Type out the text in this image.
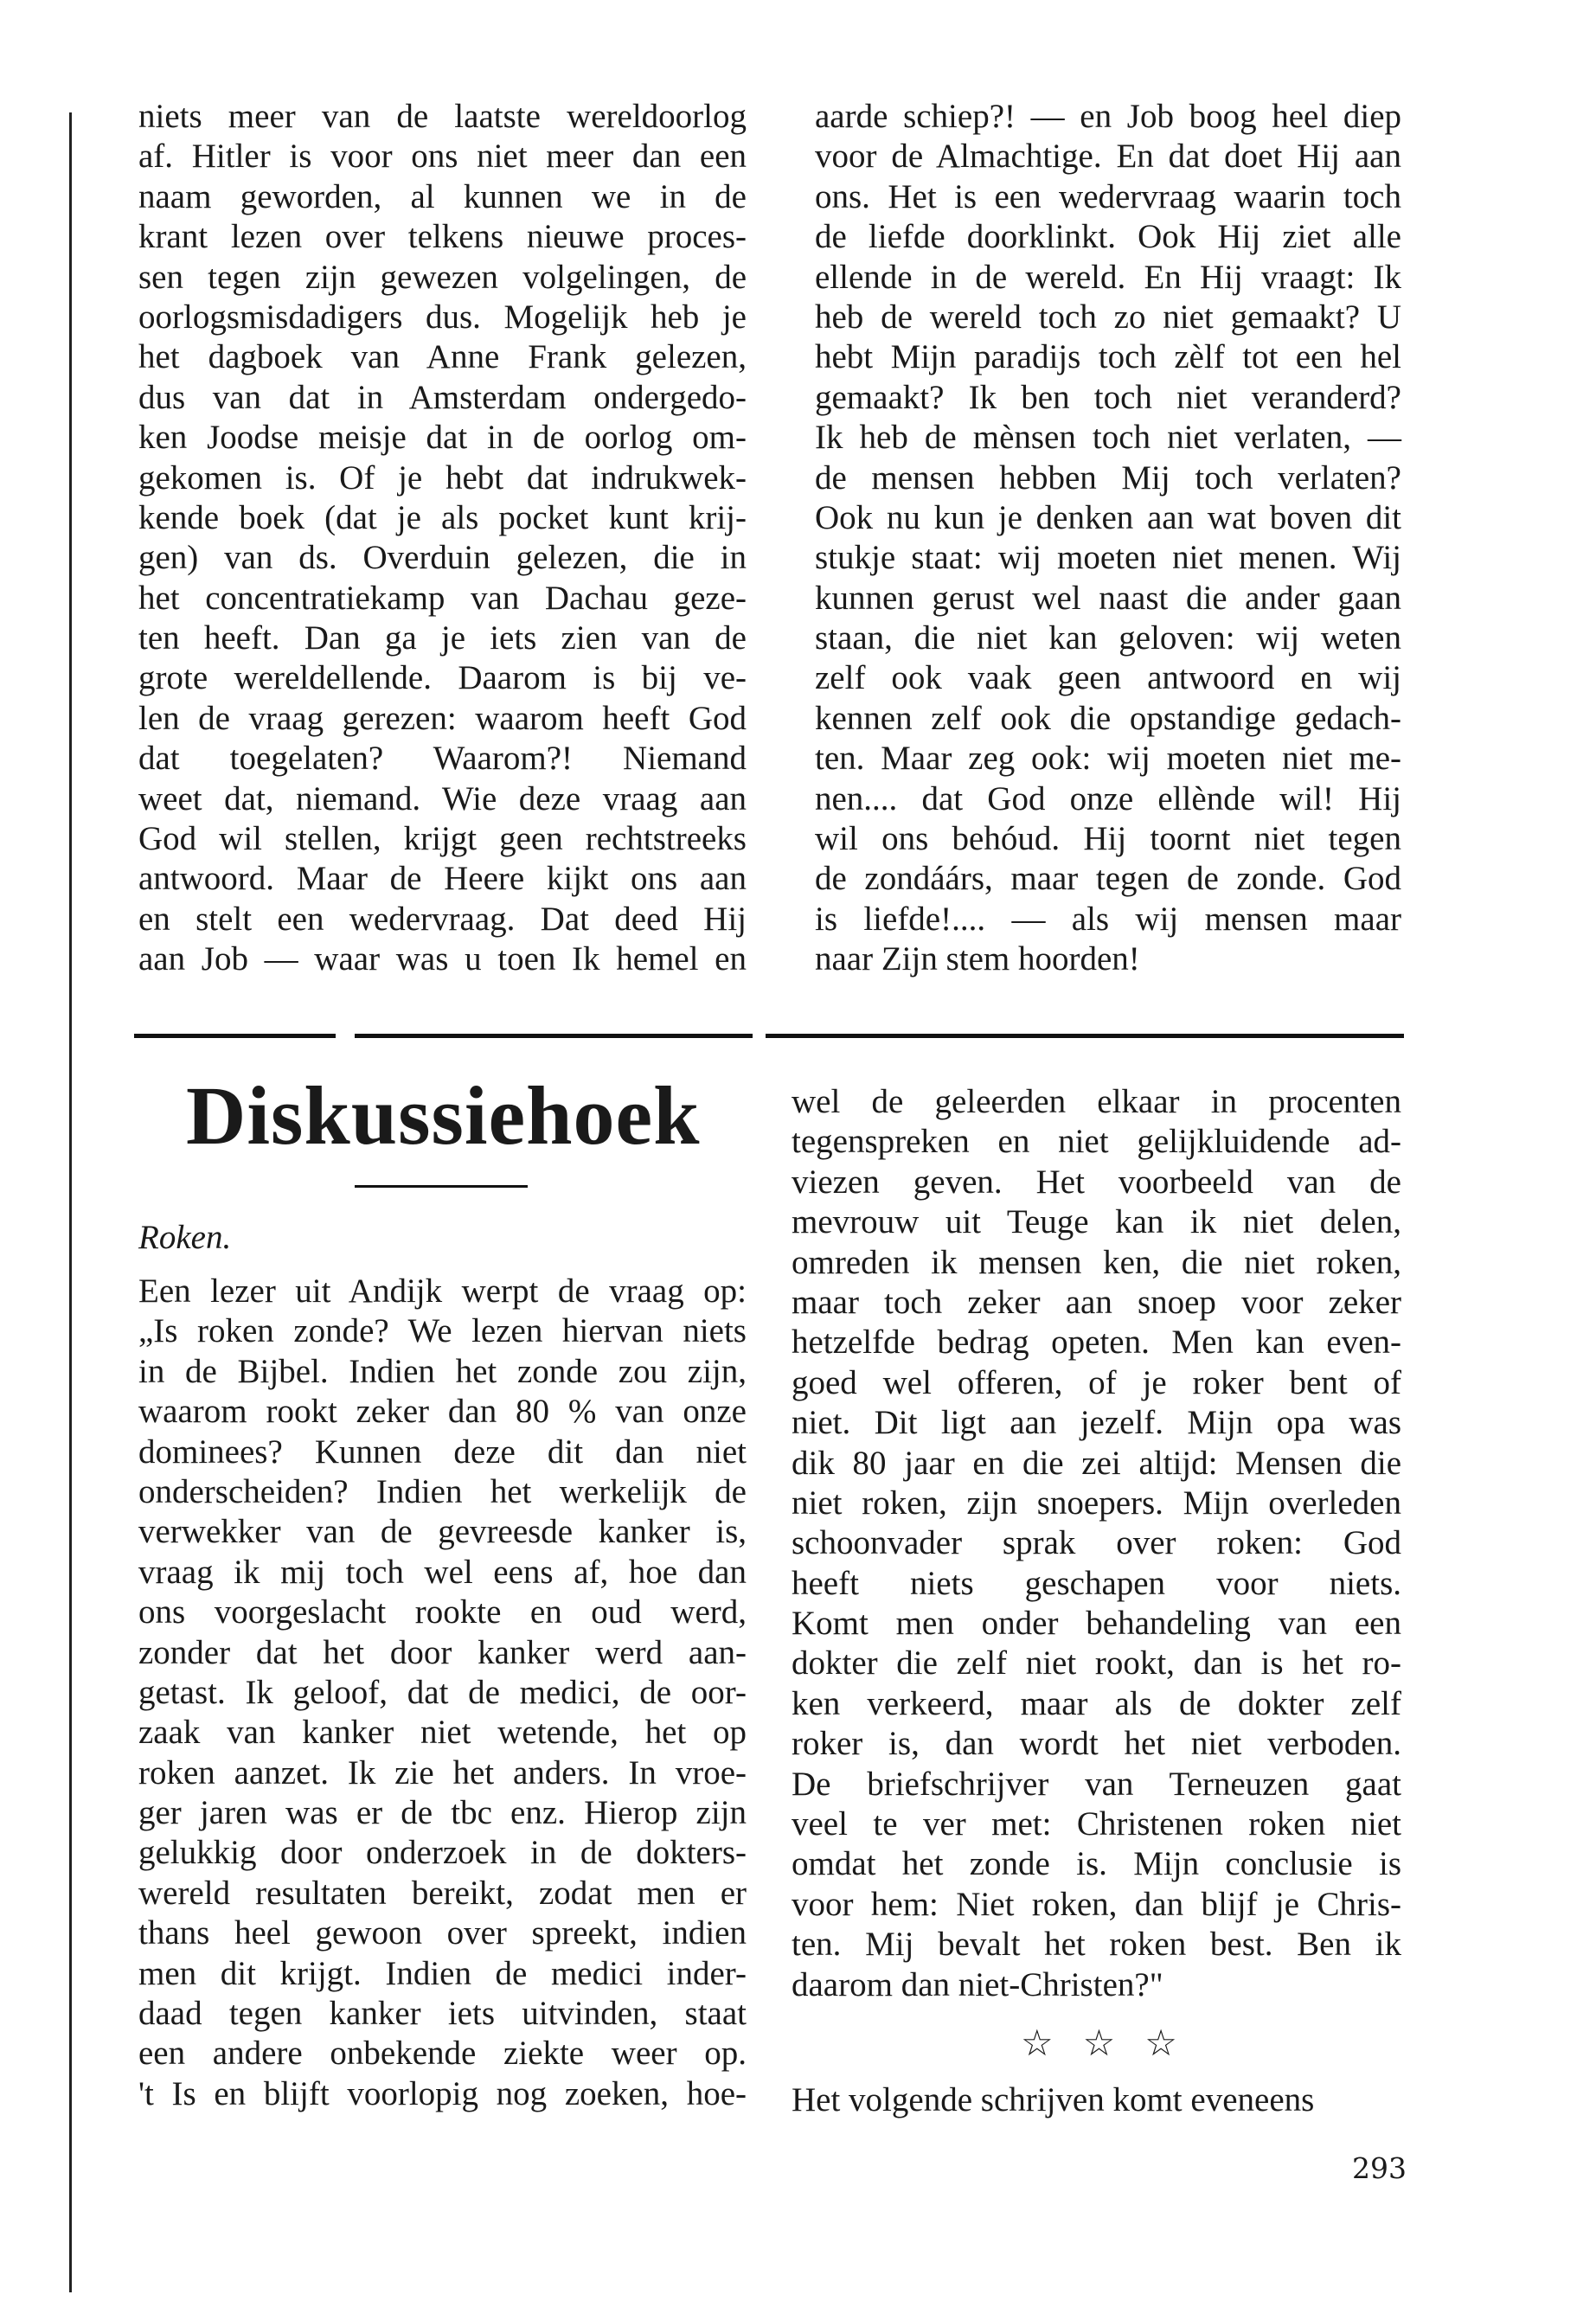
niets meer van de laatste wereldoorlog
af. Hitler is voor ons niet meer dan een
naam geworden, al kunnen we in de
krant lezen over telkens nieuwe proces-
sen tegen zijn gewezen volgelingen, de
oorlogsmisdadigers dus. Mogelijk heb je
het dagboek van Anne Frank gelezen,
dus van dat in Amsterdam ondergedo-
ken Joodse meisje dat in de oorlog om-
gekomen is. Of je hebt dat indrukwek-
kende boek (dat je als pocket kunt krij-
gen) van ds. Overduin gelezen, die in
het concentratiekamp van Dachau geze-
ten heeft. Dan ga je iets zien van de
grote wereldellende. Daarom is bij ve-
len de vraag gerezen: waarom heeft God
dat toegelaten? Waarom?! Niemand
weet dat, niemand. Wie deze vraag aan
God wil stellen, krijgt geen rechtstreeks
antwoord. Maar de Heere kijkt ons aan
en stelt een wedervraag. Dat deed Hij
aan Job — waar was u toen Ik hemel en
aarde schiep?! — en Job boog heel diep
voor de Almachtige. En dat doet Hij aan
ons. Het is een wedervraag waarin toch
de liefde doorklinkt. Ook Hij ziet alle
ellende in de wereld. En Hij vraagt: Ik
heb de wereld toch zo niet gemaakt? U
hebt Mijn paradijs toch zèlf tot een hel
gemaakt? Ik ben toch niet veranderd?
Ik heb de mènsen toch niet verlaten, —
de mensen hebben Mij toch verlaten?
Ook nu kun je denken aan wat boven dit
stukje staat: wij moeten niet menen. Wij
kunnen gerust wel naast die ander gaan
staan, die niet kan geloven: wij weten
zelf ook vaak geen antwoord en wij
kennen zelf ook die opstandige gedach-
ten. Maar zeg ook: wij moeten niet me-
nen.... dat God onze ellènde wil! Hij
wil ons behóud. Hij toornt niet tegen
de zondáárs, maar tegen de zonde. God
is liefde!.... — als wij mensen maar
naar Zijn stem hoorden!
Diskussiehoek
Roken.
Een lezer uit Andijk werpt de vraag op:
„Is roken zonde? We lezen hiervan niets
in de Bijbel. Indien het zonde zou zijn,
waarom rookt zeker dan 80 % van onze
dominees? Kunnen deze dit dan niet
onderscheiden? Indien het werkelijk de
verwekker van de gevreesde kanker is,
vraag ik mij toch wel eens af, hoe dan
ons voorgeslacht rookte en oud werd,
zonder dat het door kanker werd aan-
getast. Ik geloof, dat de medici, de oor-
zaak van kanker niet wetende, het op
roken aanzet. Ik zie het anders. In vroe-
ger jaren was er de tbc enz. Hierop zijn
gelukkig door onderzoek in de dokters-
wereld resultaten bereikt, zodat men er
thans heel gewoon over spreekt, indien
men dit krijgt. Indien de medici inder-
daad tegen kanker iets uitvinden, staat
een andere onbekende ziekte weer op.
't Is en blijft voorlopig nog zoeken, hoe-
wel de geleerden elkaar in procenten
tegenspreken en niet gelijkluidende ad-
viezen geven. Het voorbeeld van de
mevrouw uit Teuge kan ik niet delen,
omreden ik mensen ken, die niet roken,
maar toch zeker aan snoep voor zeker
hetzelfde bedrag opeten. Men kan even-
goed wel offeren, of je roker bent of
niet. Dit ligt aan jezelf. Mijn opa was
dik 80 jaar en die zei altijd: Mensen die
niet roken, zijn snoepers. Mijn overleden
schoonvader sprak over roken: God
heeft niets geschapen voor niets.
Komt men onder behandeling van een
dokter die zelf niet rookt, dan is het ro-
ken verkeerd, maar als de dokter zelf
roker is, dan wordt het niet verboden.
De briefschrijver van Terneuzen gaat
veel te ver met: Christenen roken niet
omdat het zonde is. Mijn conclusie is
voor hem: Niet roken, dan blijf je Chris-
ten. Mij bevalt het roken best. Ben ik
daarom dan niet-Christen?"
☆☆☆
Het volgende schrijven komt eveneens
293
